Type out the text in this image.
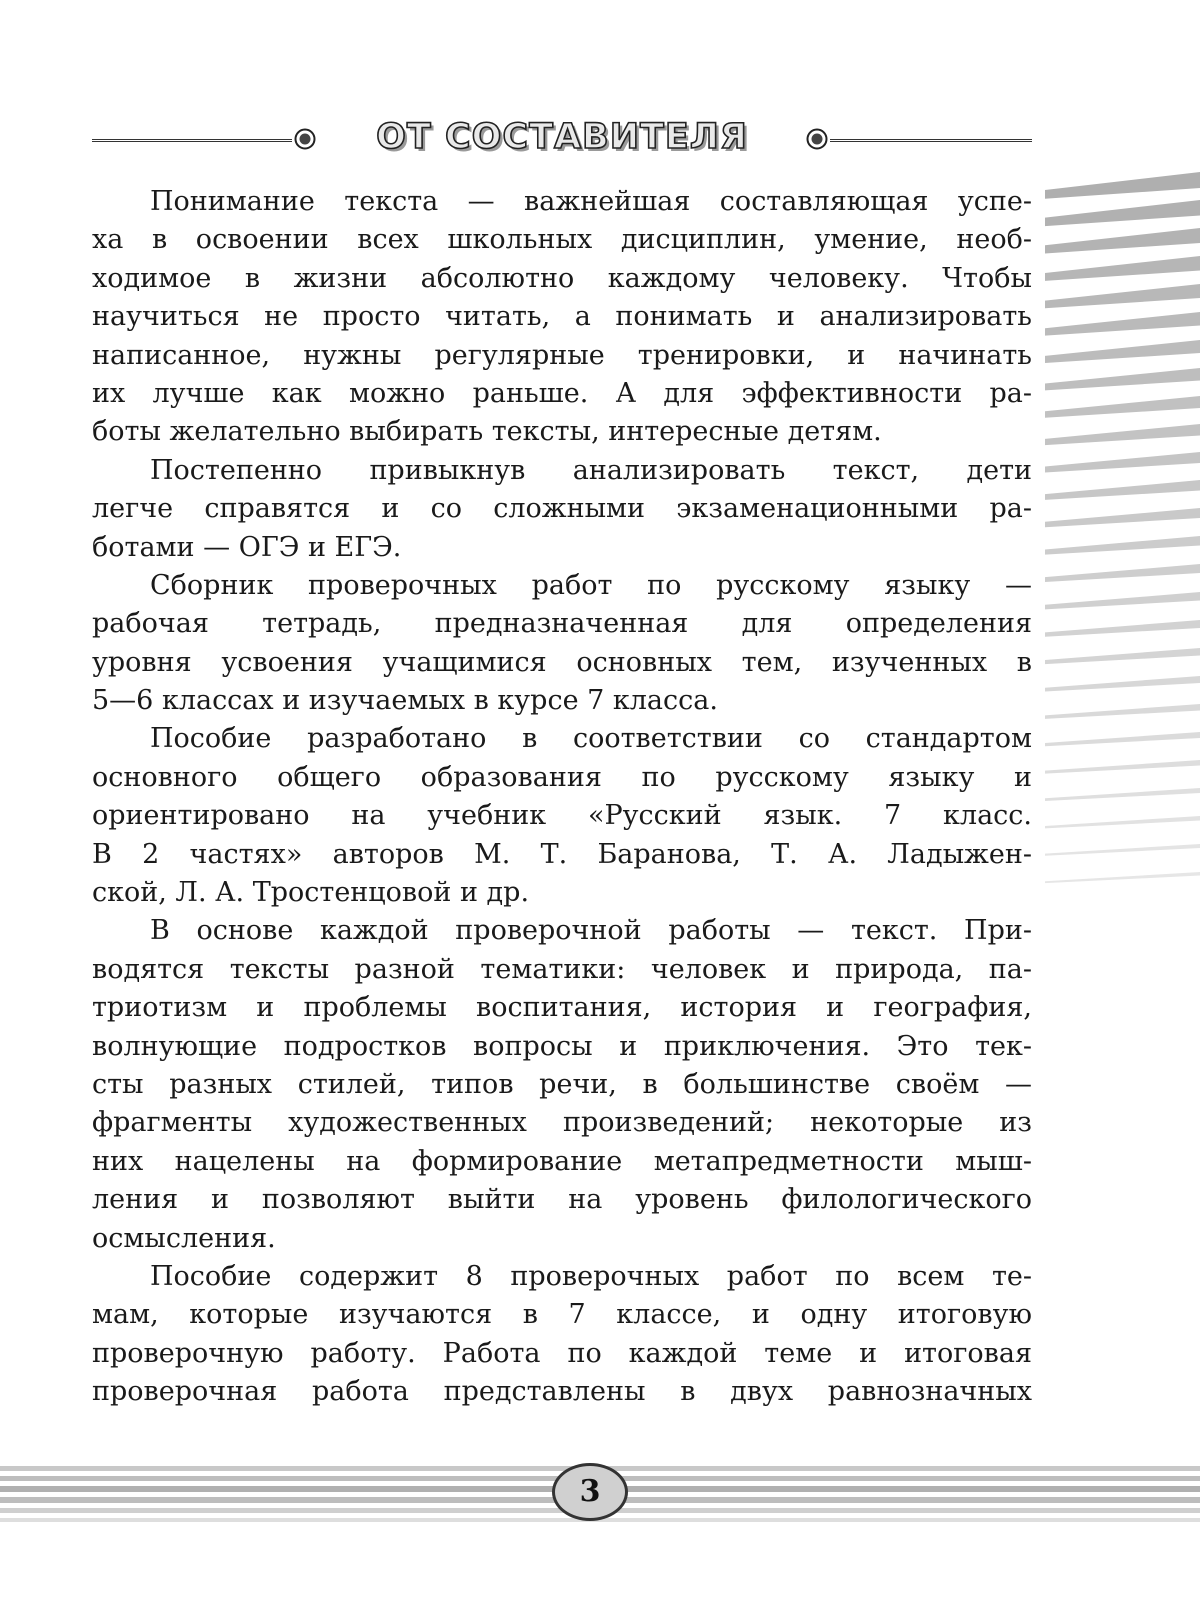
ОТ СОСТАВИТЕЛЯ
Понимание текста — важнейшая составляющая успе-
ха в освоении всех школьных дисциплин, умение, необ-
ходимое в жизни абсолютно каждому человеку. Чтобы
научиться не просто читать, а понимать и анализировать
написанное, нужны регулярные тренировки, и начинать
их лучше как можно раньше. А для эффективности ра-
боты желательно выбирать тексты, интересные детям.
Постепенно привыкнув анализировать текст, дети
легче справятся и со сложными экзаменационными ра-
ботами — ОГЭ и ЕГЭ.
Сборник проверочных работ по русскому языку —
рабочая тетрадь, предназначенная для определения
уровня усвоения учащимися основных тем, изученных в
5—6 классах и изучаемых в курсе 7 класса.
Пособие разработано в соответствии со стандартом
основного общего образования по русскому языку и
ориентировано на учебник «Русский язык. 7 класс.
В 2 частях» авторов М. Т. Баранова, Т. А. Ладыжен-
ской, Л. А. Тростенцовой и др.
В основе каждой проверочной работы — текст. При-
водятся тексты разной тематики: человек и природа, па-
триотизм и проблемы воспитания, история и география,
волнующие подростков вопросы и приключения. Это тек-
сты разных стилей, типов речи, в большинстве своём —
фрагменты художественных произведений; некоторые из
них нацелены на формирование метапредметности мыш-
ления и позволяют выйти на уровень филологического
осмысления.
Пособие содержит 8 проверочных работ по всем те-
мам, которые изучаются в 7 классе, и одну итоговую
проверочную работу. Работа по каждой теме и итоговая
проверочная работа представлены в двух равнозначных
3
